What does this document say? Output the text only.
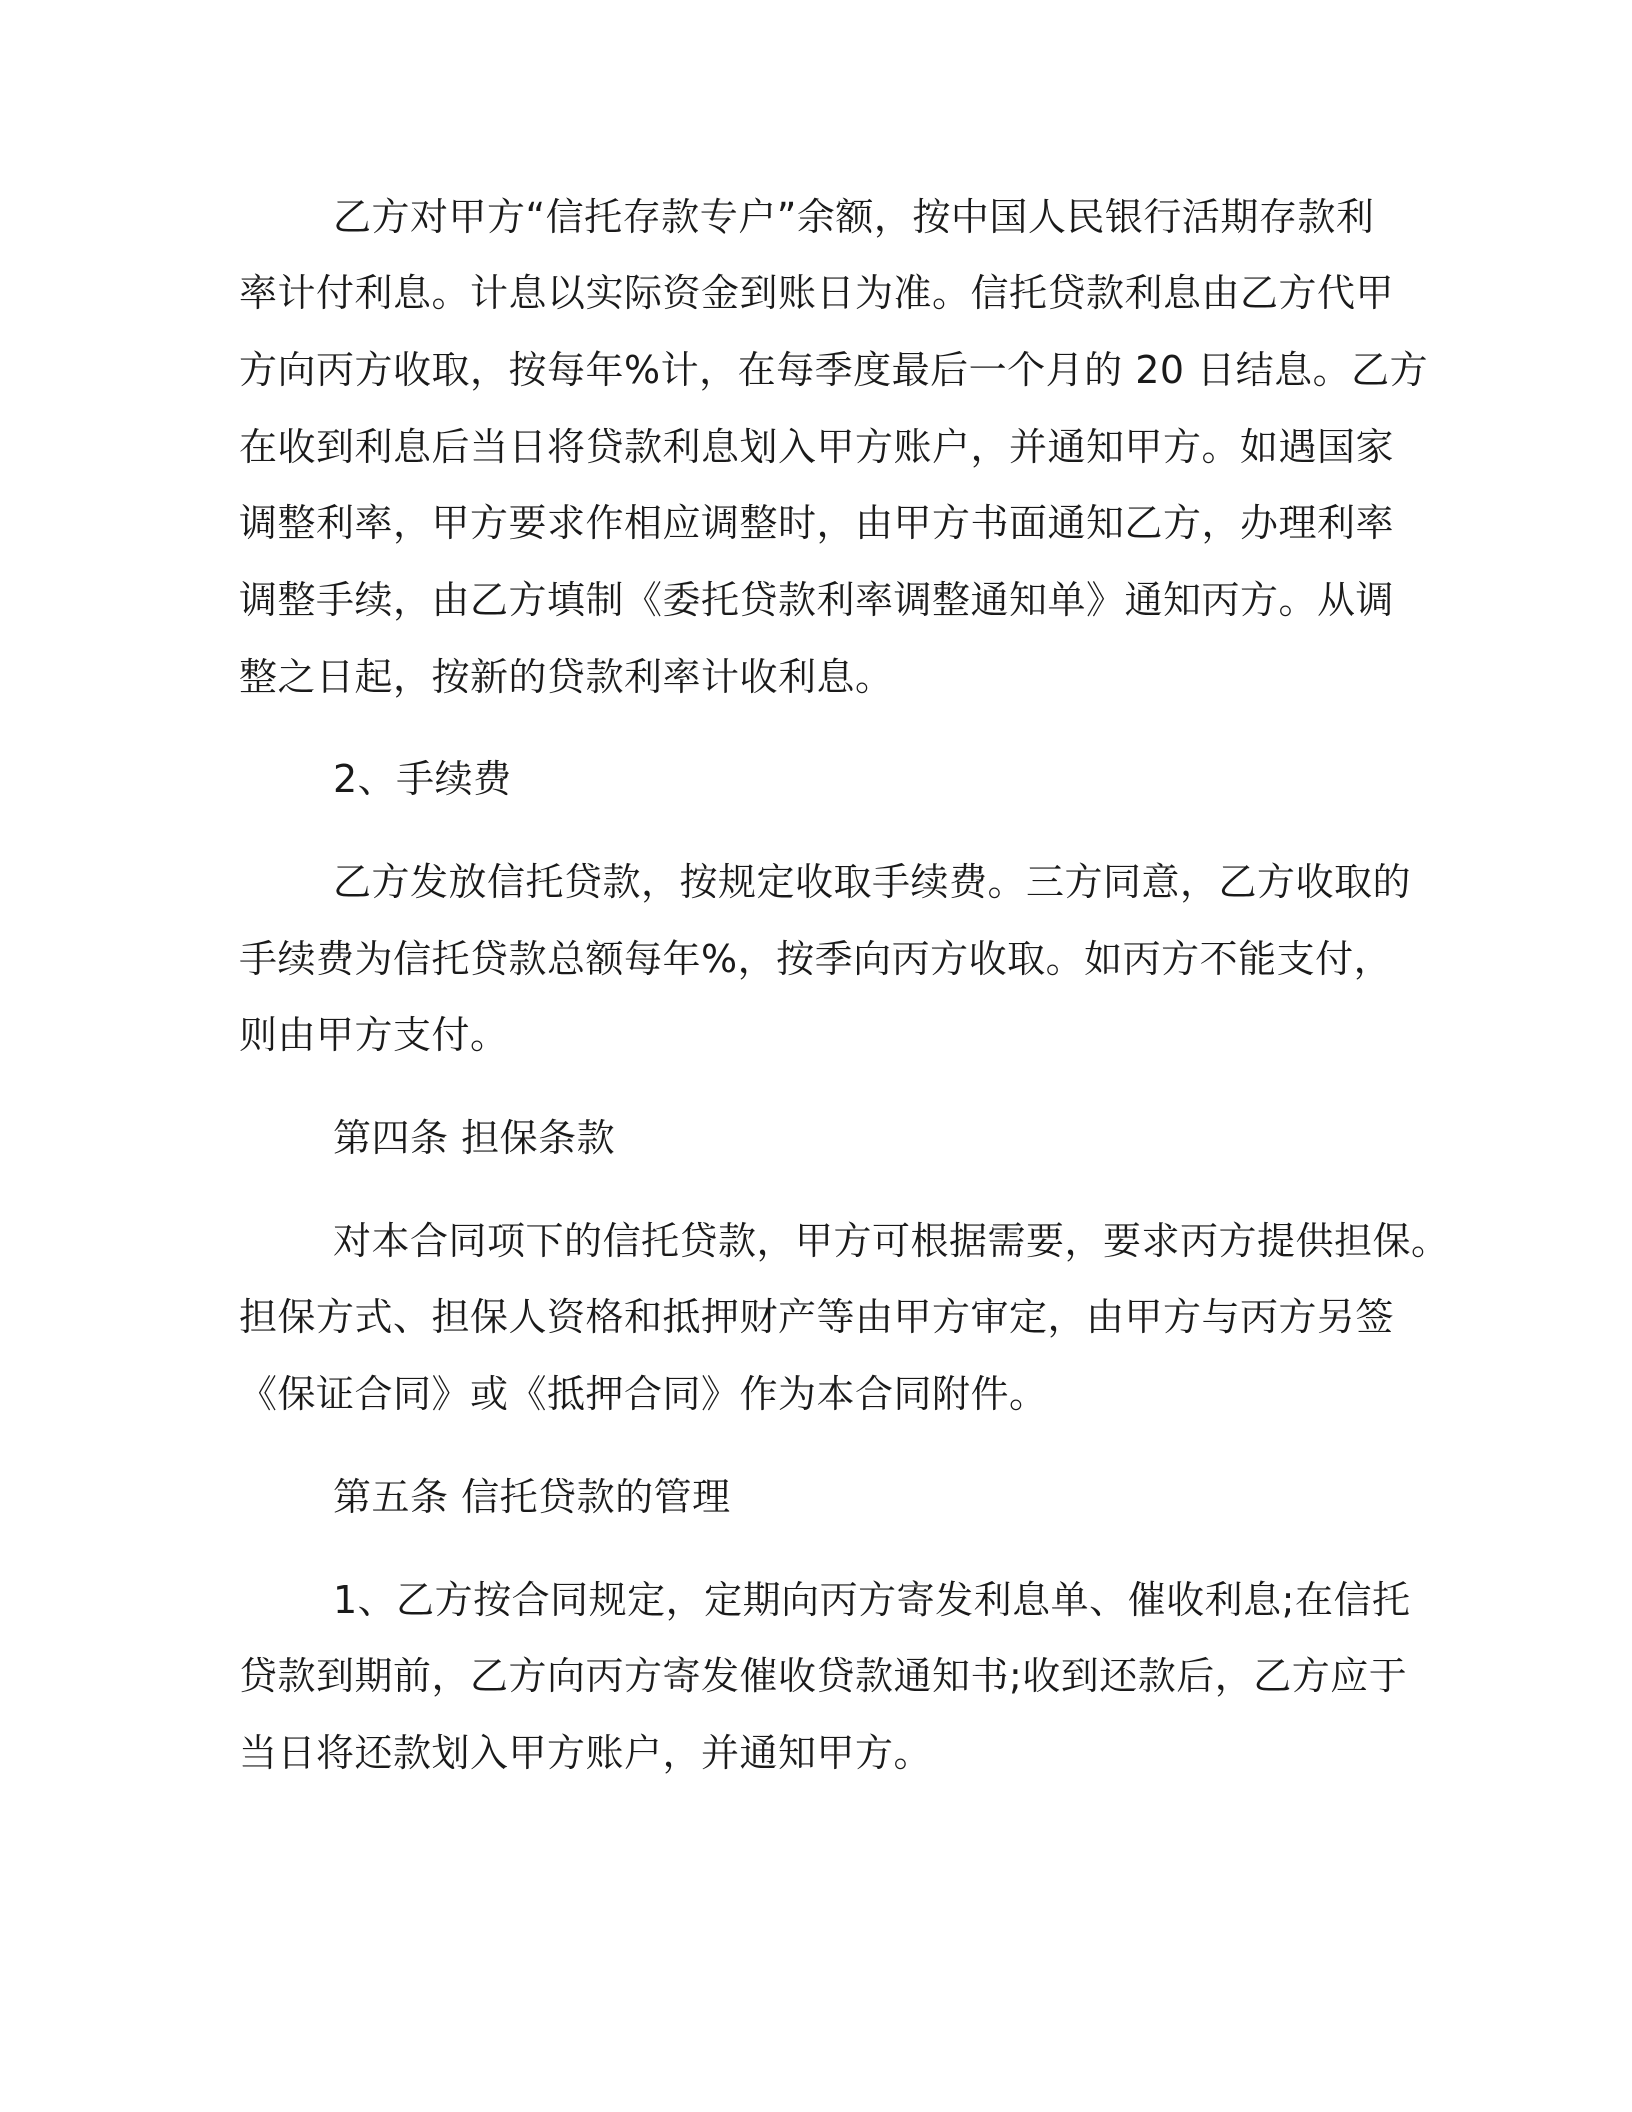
乙方对甲方“信托存款专户”余额，按中国人民银行活期存款利

率计付利息。计息以实际资金到账日为准。信托贷款利息由乙方代甲

方向丙方收取，按每年%计，在每季度最后一个月的 20 日结息。乙方

在收到利息后当日将贷款利息划入甲方账户，并通知甲方。如遇国家

调整利率，甲方要求作相应调整时，由甲方书面通知乙方，办理利率

调整手续，由乙方填制《委托贷款利率调整通知单》通知丙方。从调

整之日起，按新的贷款利率计收利息。

2、手续费

乙方发放信托贷款，按规定收取手续费。三方同意，乙方收取的

手续费为信托贷款总额每年%，按季向丙方收取。如丙方不能支付，

则由甲方支付。

第四条 担保条款

对本合同项下的信托贷款，甲方可根据需要，要求丙方提供担保。

担保方式、担保人资格和抵押财产等由甲方审定，由甲方与丙方另签

《保证合同》或《抵押合同》作为本合同附件。

第五条 信托贷款的管理

1、乙方按合同规定，定期向丙方寄发利息单、催收利息;在信托

贷款到期前，乙方向丙方寄发催收贷款通知书;收到还款后，乙方应于

当日将还款划入甲方账户，并通知甲方。
